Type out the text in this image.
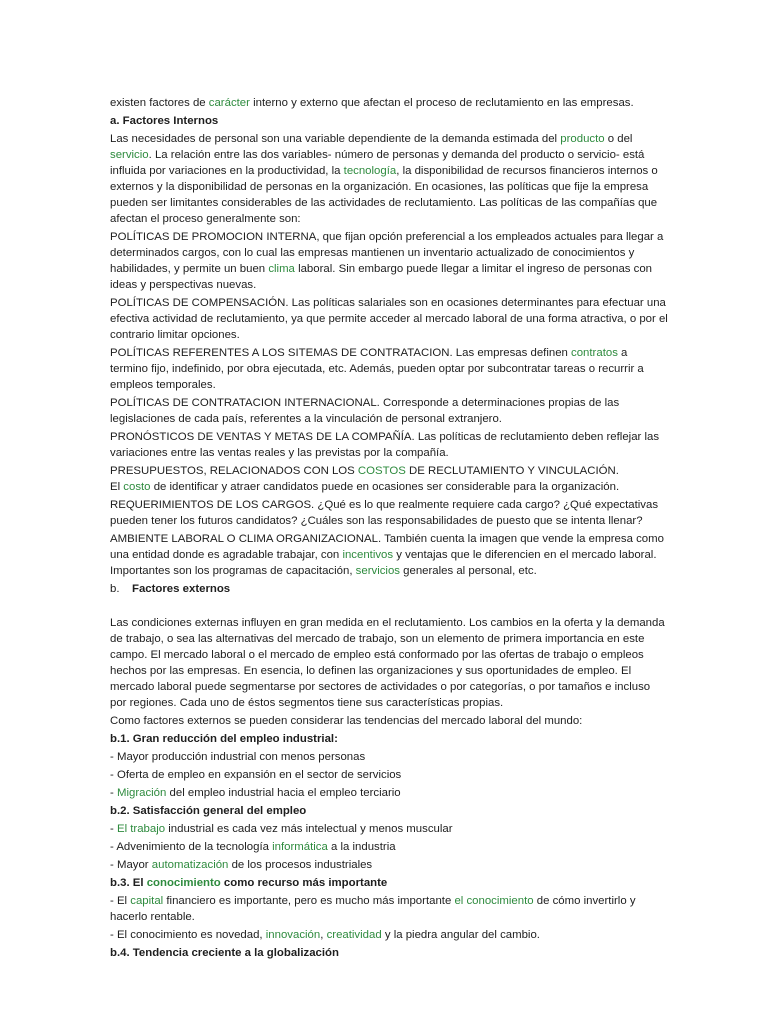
existen factores de carácter interno y externo que afectan el proceso de reclutamiento en las empresas.

a. Factores Internos

Las necesidades de personal son una variable dependiente de la demanda estimada del producto o del servicio. La relación entre las dos variables- número de personas y demanda del producto o servicio- está influida por variaciones en la productividad, la tecnología, la disponibilidad de recursos financieros internos o externos y la disponibilidad de personas en la organización. En ocasiones, las políticas que fije la empresa pueden ser limitantes considerables de las actividades de reclutamiento. Las políticas de las compañías que afectan el proceso generalmente son:

POLÍTICAS DE PROMOCION INTERNA, que fijan opción preferencial a los empleados actuales para llegar a determinados cargos, con lo cual las empresas mantienen un inventario actualizado de conocimientos y habilidades, y permite un buen clima laboral. Sin embargo puede llegar a limitar el ingreso de personas con ideas y perspectivas nuevas.

POLÍTICAS DE COMPENSACIÓN. Las políticas salariales son en ocasiones determinantes para efectuar una efectiva actividad de reclutamiento, ya que permite acceder al mercado laboral de una forma atractiva, o por el contrario limitar opciones.

POLÍTICAS REFERENTES A LOS SITEMAS DE CONTRATACION. Las empresas definen contratos a termino fijo, indefinido, por obra ejecutada, etc. Además, pueden optar por subcontratar tareas o recurrir a empleos temporales.

POLÍTICAS DE CONTRATACION INTERNACIONAL. Corresponde a determinaciones propias de las legislaciones de cada país, referentes a la vinculación de personal extranjero.

PRONÓSTICOS DE VENTAS Y METAS DE LA COMPAÑÍA. Las políticas de reclutamiento deben reflejar las variaciones entre las ventas reales y las previstas por la compañía.

PRESUPUESTOS, RELACIONADOS CON LOS COSTOS DE RECLUTAMIENTO Y VINCULACIÓN.
El costo de identificar y atraer candidatos puede en ocasiones ser considerable para la organización.

REQUERIMIENTOS DE LOS CARGOS. ¿Qué es lo que realmente requiere cada cargo? ¿Qué expectativas pueden tener los futuros candidatos? ¿Cuáles son las responsabilidades de puesto que se intenta llenar?

AMBIENTE LABORAL O CLIMA ORGANIZACIONAL. También cuenta la imagen que vende la empresa como una entidad donde es agradable trabajar, con incentivos y ventajas que le diferencien en el mercado laboral. Importantes son los programas de capacitación, servicios generales al personal, etc.

b. Factores externos

Las condiciones externas influyen en gran medida en el reclutamiento. Los cambios en la oferta y la demanda de trabajo, o sea las alternativas del mercado de trabajo, son un elemento de primera importancia en este campo. El mercado laboral o el mercado de empleo está conformado por las ofertas de trabajo o empleos hechos por las empresas. En esencia, lo definen las organizaciones y sus oportunidades de empleo. El mercado laboral puede segmentarse por sectores de actividades o por categorías, o por tamaños e incluso por regiones. Cada uno de éstos segmentos tiene sus características propias.

Como factores externos se pueden considerar las tendencias del mercado laboral del mundo:

b.1. Gran reducción del empleo industrial:

- Mayor producción industrial con menos personas

- Oferta de empleo en expansión en el sector de servicios

- Migración del empleo industrial hacia el empleo terciario

b.2. Satisfacción general del empleo

- El trabajo industrial es cada vez más intelectual y menos muscular

- Advenimiento de la tecnología informática a la industria

- Mayor automatización de los procesos industriales

b.3. El conocimiento como recurso más importante

- El capital financiero es importante, pero es mucho más importante el conocimiento de cómo invertirlo y hacerlo rentable.

- El conocimiento es novedad, innovación, creatividad y la piedra angular del cambio.

b.4. Tendencia creciente a la globalización
